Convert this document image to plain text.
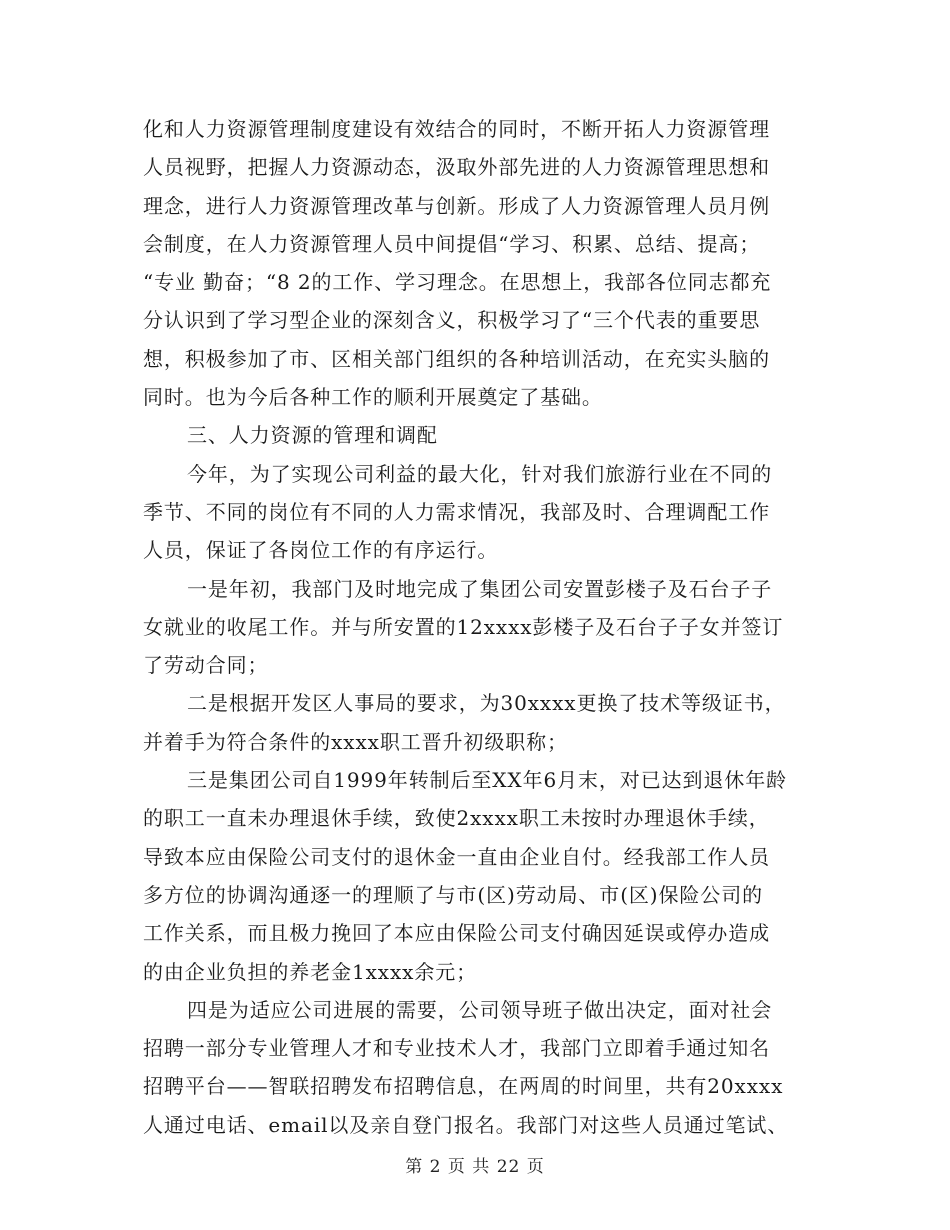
化和人力资源管理制度建设有效结合的同时，不断开拓人力资源管理
人员视野，把握人力资源动态，汲取外部先进的人力资源管理思想和
理念，进行人力资源管理改革与创新。形成了人力资源管理人员月例
会制度，在人力资源管理人员中间提倡“学习、积累、总结、提高；
“专业 勤奋；“8 2的工作、学习理念。在思想上，我部各位同志都充
分认识到了学习型企业的深刻含义，积极学习了“三个代表的重要思
想，积极参加了市、区相关部门组织的各种培训活动，在充实头脑的
同时。也为今后各种工作的顺利开展奠定了基础。
三、人力资源的管理和调配
今年，为了实现公司利益的最大化，针对我们旅游行业在不同的
季节、不同的岗位有不同的人力需求情况，我部及时、合理调配工作
人员，保证了各岗位工作的有序运行。
一是年初，我部门及时地完成了集团公司安置彭楼子及石台子子
女就业的收尾工作。并与所安置的12xxxx彭楼子及石台子子女并签订
了劳动合同；
二是根据开发区人事局的要求，为30xxxx更换了技术等级证书，
并着手为符合条件的xxxx职工晋升初级职称；
三是集团公司自1999年转制后至XX年6月末，对已达到退休年龄
的职工一直未办理退休手续，致使2xxxx职工未按时办理退休手续，
导致本应由保险公司支付的退休金一直由企业自付。经我部工作人员
多方位的协调沟通逐一的理顺了与市(区)劳动局、市(区)保险公司的
工作关系，而且极力挽回了本应由保险公司支付确因延误或停办造成
的由企业负担的养老金1xxxx余元；
四是为适应公司进展的需要，公司领导班子做出决定，面对社会
招聘一部分专业管理人才和专业技术人才，我部门立即着手通过知名
招聘平台——智联招聘发布招聘信息，在两周的时间里，共有20xxxx
人通过电话、email以及亲自登门报名。我部门对这些人员通过笔试、
第 2 页 共 22 页
